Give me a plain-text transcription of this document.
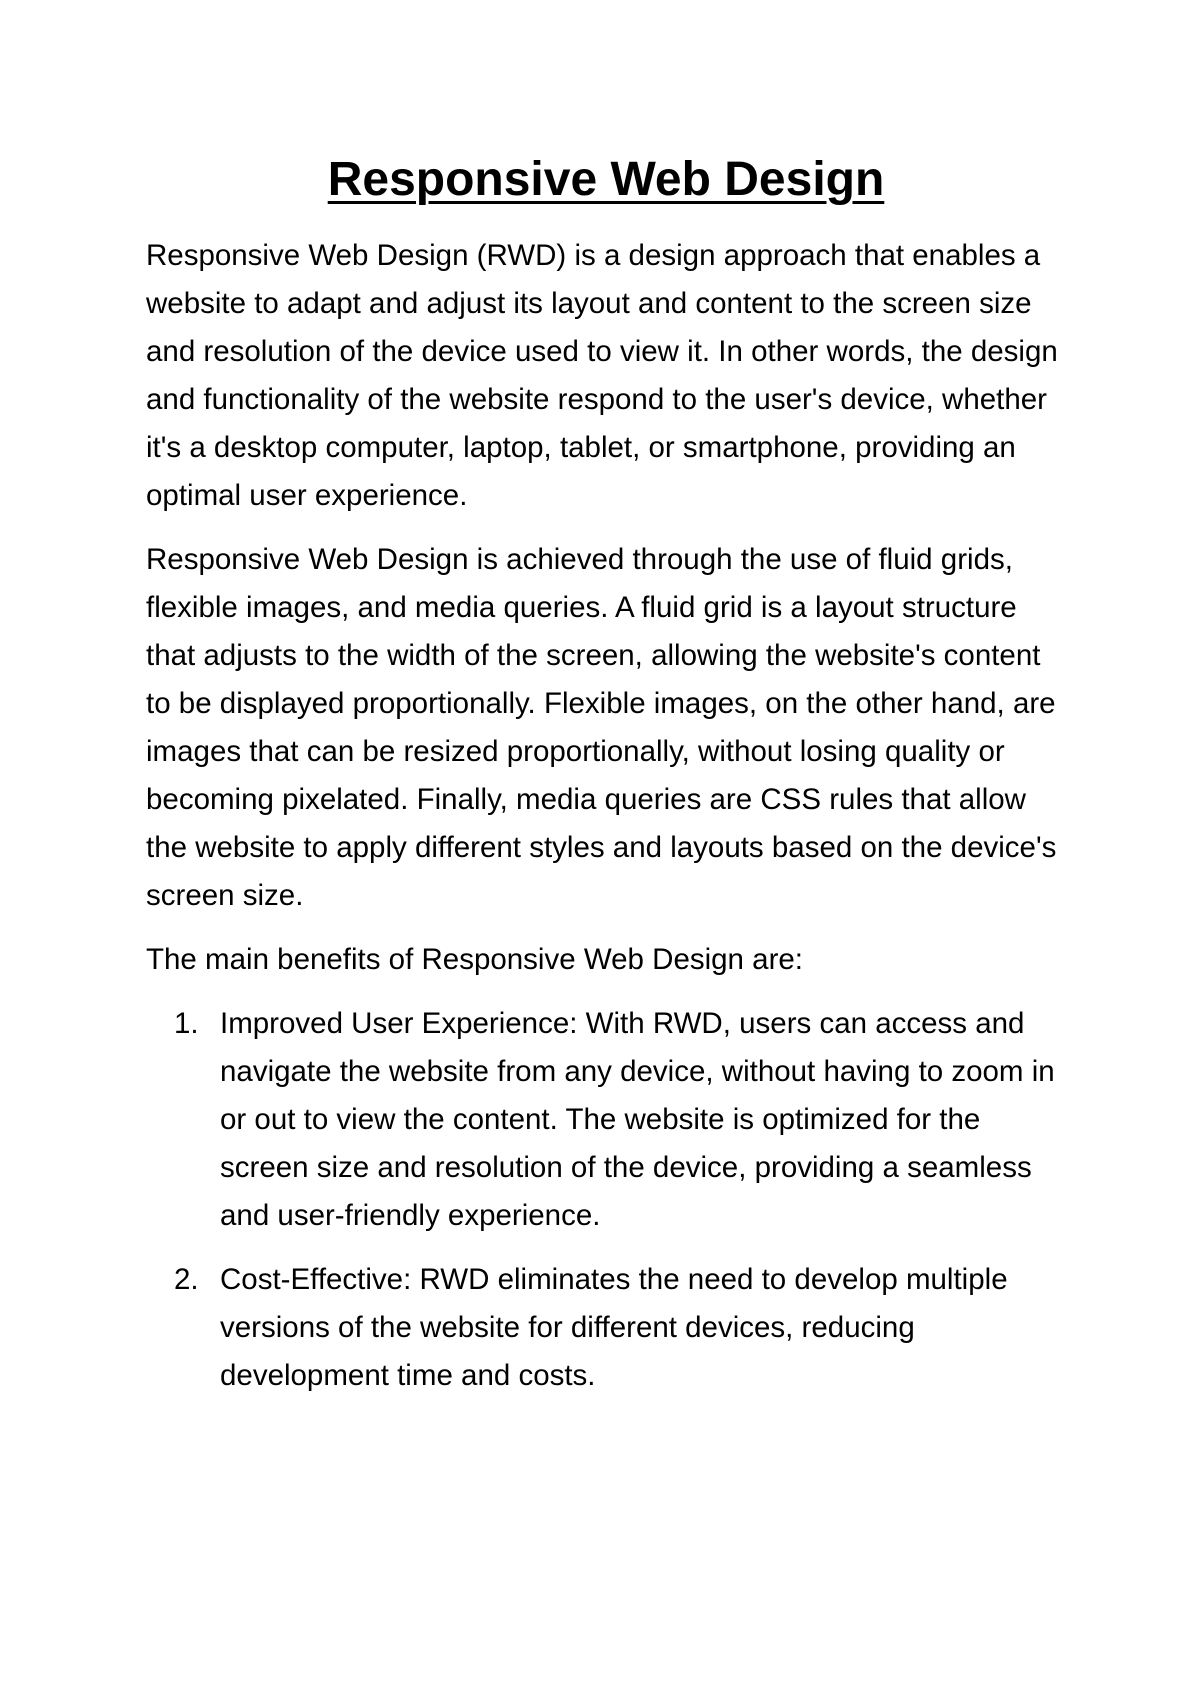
Responsive Web Design

Responsive Web Design (RWD) is a design approach that enables a website to adapt and adjust its layout and content to the screen size and resolution of the device used to view it. In other words, the design and functionality of the website respond to the user's device, whether it's a desktop computer, laptop, tablet, or smartphone, providing an optimal user experience.

Responsive Web Design is achieved through the use of fluid grids, flexible images, and media queries. A fluid grid is a layout structure that adjusts to the width of the screen, allowing the website's content to be displayed proportionally. Flexible images, on the other hand, are images that can be resized proportionally, without losing quality or becoming pixelated. Finally, media queries are CSS rules that allow the website to apply different styles and layouts based on the device's screen size.

The main benefits of Responsive Web Design are:

1. Improved User Experience: With RWD, users can access and navigate the website from any device, without having to zoom in or out to view the content. The website is optimized for the screen size and resolution of the device, providing a seamless and user-friendly experience.
2. Cost-Effective: RWD eliminates the need to develop multiple versions of the website for different devices, reducing development time and costs.
